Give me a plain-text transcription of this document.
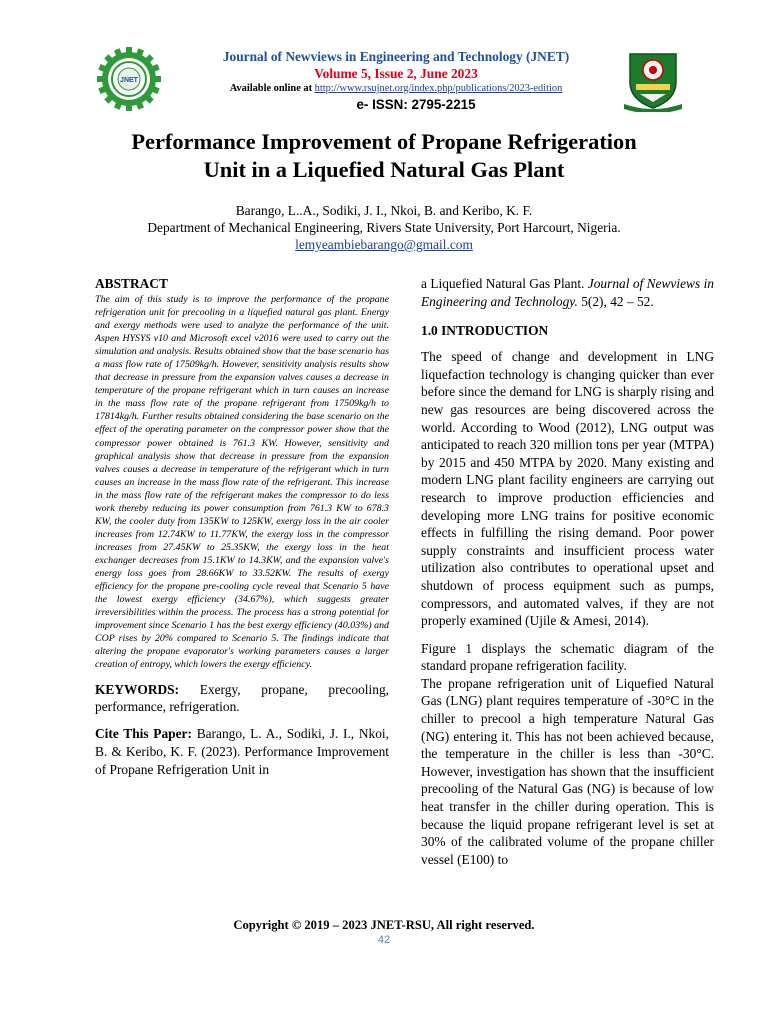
JNET
Journal of Newviews in Engineering and Technology (JNET)
Volume 5, Issue 2, June 2023
Available online at http://www.rsujnet.org/index.php/publications/2023-edition
e- ISSN: 2795-2215
Performance Improvement of Propane Refrigeration
Unit in a Liquefied Natural Gas Plant
Barango, L..A., Sodiki, J. I., Nkoi, B. and Keribo, K. F.
Department of Mechanical Engineering, Rivers State University, Port Harcourt, Nigeria.
lemyeambiebarango@gmail.com
ABSTRACT
The aim of this study is to improve the performance of the propane refrigeration unit for precooling in a liquefied natural gas plant. Energy and exergy methods were used to analyze the performance of the unit. Aspen HYSYS v10 and Microsoft excel v2016 were used to carry out the simulation and analysis. Results obtained show that the base scenario has a mass flow rate of 17509kg/h. However, sensitivity analysis results show that decrease in pressure from the expansion valves causes a decrease in temperature of the propane refrigerant which in turn causes an increase in the mass flow rate of the propane refrigerant from 17509kg/h to 17814kg/h. Further results obtained considering the base scenario on the effect of the operating parameter on the compressor power show that the compressor power obtained is 761.3 KW. However, sensitivity and graphical analysis show that decrease in pressure from the expansion valves causes a decrease in temperature of the refrigerant which in turn causes an increase in the mass flow rate of the refrigerant. This increase in the mass flow rate of the refrigerant makes the compressor to do less work thereby reducing its power consumption from 761.3 KW to 678.3 KW, the cooler duty from 135KW to 125KW, exergy loss in the air cooler increases from 12.74KW to 11.77KW, the exergy loss in the compressor increases from 27.45KW to 25.35KW, the exergy loss in the heat exchanger decreases from 15.1KW to 14.3KW, and the expansion valve's energy loss goes from 28.66KW to 33.52KW. The results of exergy efficiency for the propane pre-cooling cycle reveal that Scenario 5 have the lowest exergy efficiency (34.67%), which suggests greater irreversibilities within the process. The process has a strong potential for improvement since Scenario 1 has the best exergy efficiency (40.03%) and COP rises by 20% compared to Scenario 5. The findings indicate that altering the propane evaporator's working parameters causes a larger creation of entropy, which lowers the exergy efficiency.
KEYWORDS: Exergy, propane, precooling, performance, refrigeration.
Cite This Paper: Barango, L. A., Sodiki, J. I., Nkoi, B. & Keribo, K. F. (2023). Performance Improvement of Propane Refrigeration Unit in
a Liquefied Natural Gas Plant. Journal of Newviews in Engineering and Technology. 5(2), 42 – 52.
1.0 INTRODUCTION
The speed of change and development in LNG liquefaction technology is changing quicker than ever before since the demand for LNG is sharply rising and new gas resources are being discovered across the world. According to Wood (2012), LNG output was anticipated to reach 320 million tons per year (MTPA) by 2015 and 450 MTPA by 2020. Many existing and modern LNG plant facility engineers are carrying out research to improve production efficiencies and developing more LNG trains for positive economic effects in fulfilling the rising demand. Poor power supply constraints and insufficient process water utilization also contributes to operational upset and shutdown of process equipment such as pumps, compressors, and automated valves, if they are not properly examined (Ujile & Amesi, 2014).
Figure 1 displays the schematic diagram of the standard propane refrigeration facility.
The propane refrigeration unit of Liquefied Natural Gas (LNG) plant requires temperature of -30°C in the chiller to precool a high temperature Natural Gas (NG) entering it. This has not been achieved because, the temperature in the chiller is less than -30°C. However, investigation has shown that the insufficient precooling of the Natural Gas (NG) is because of low heat transfer in the chiller during operation. This is because the liquid propane refrigerant level is set at 30% of the calibrated volume of the propane chiller vessel (E100) to
Copyright © 2019 – 2023 JNET-RSU, All right reserved.
42
